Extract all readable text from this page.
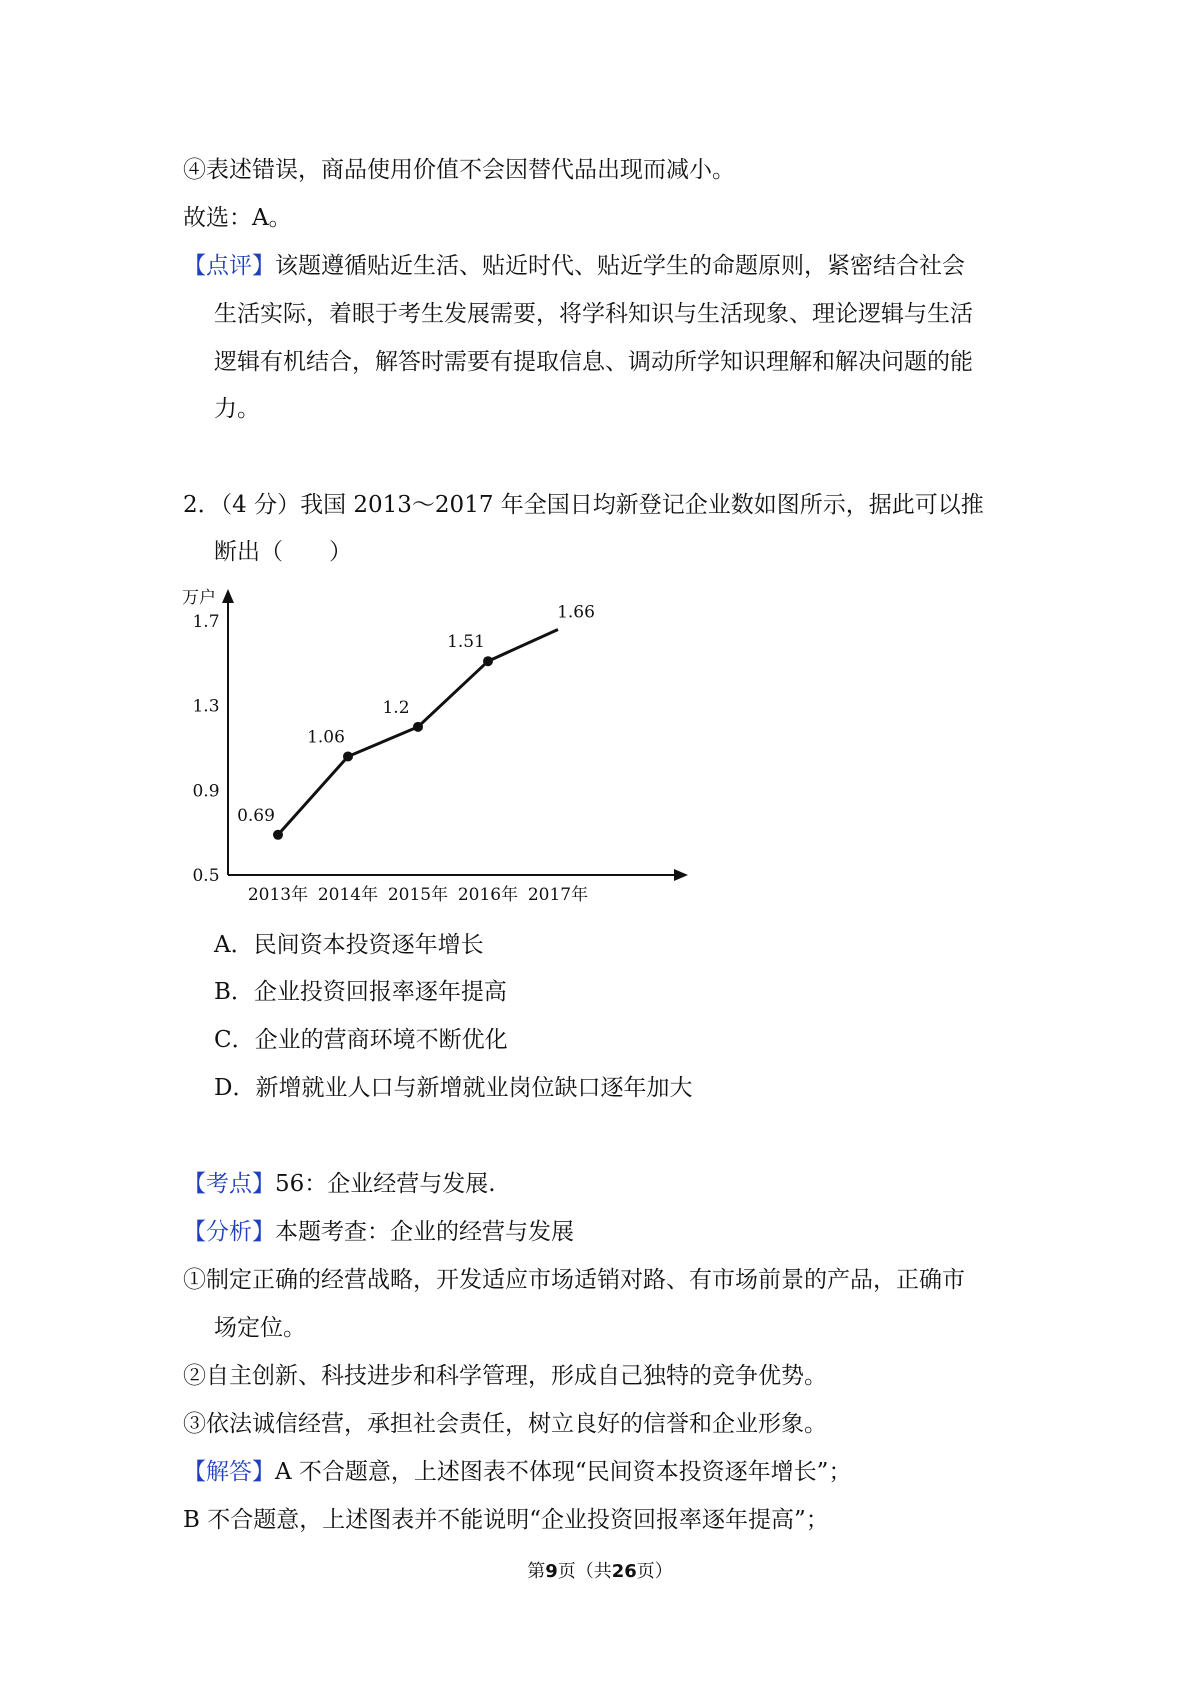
④表述错误，商品使用价值不会因替代品出现而减小。
故选：A。
【点评】该题遵循贴近生活、贴近时代、贴近学生的命题原则，紧密结合社会
生活实际，着眼于考生发展需要，将学科知识与生活现象、理论逻辑与生活
逻辑有机结合，解答时需要有提取信息、调动所学知识理解和解决问题的能
力。
2．（4 分）我国 2013～2017 年全国日均新登记企业数如图所示，据此可以推
断出（　　）
万户
0.5
0.9
1.3
1.7
2013年 2014年 2015年 2016年 2017年
0.69
1.06
1.2
1.51
1.66
A．民间资本投资逐年增长
B．企业投资回报率逐年提高
C．企业的营商环境不断优化
D．新增就业人口与新增就业岗位缺口逐年加大
【考点】56：企业经营与发展.
【分析】本题考查：企业的经营与发展
①制定正确的经营战略，开发适应市场适销对路、有市场前景的产品，正确市
场定位。
②自主创新、科技进步和科学管理，形成自己独特的竞争优势。
③依法诚信经营，承担社会责任，树立良好的信誉和企业形象。
【解答】A 不合题意，上述图表不体现“民间资本投资逐年增长”；
B 不合题意，上述图表并不能说明“企业投资回报率逐年提高”；
第9页（共26页）
